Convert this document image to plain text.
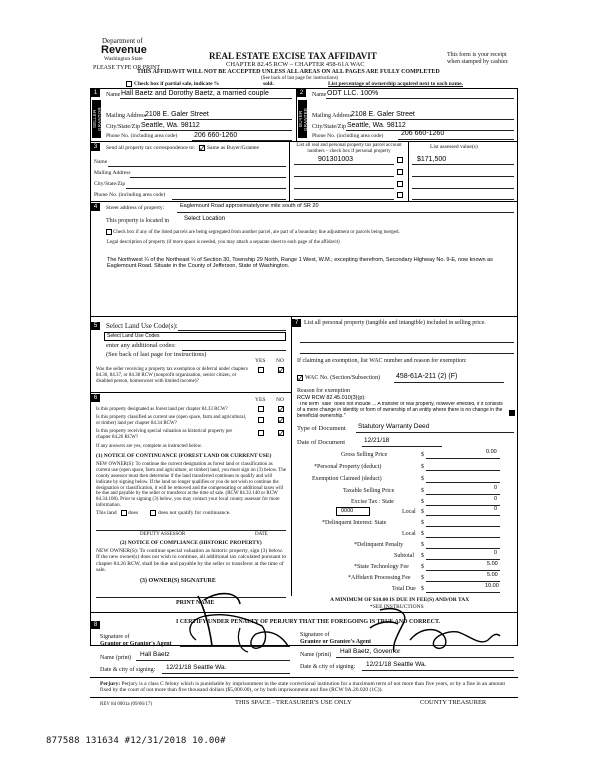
Department of
Revenue
Washington State
PLEASE TYPE OR PRINT
REAL ESTATE EXCISE TAX AFFIDAVIT
CHAPTER 82.45 RCW – CHAPTER 458-61A WAC
THIS AFFIDAVIT WILL NOT BE ACCEPTED UNLESS ALL AREAS ON ALL PAGES ARE FULLY COMPLETED
(See back of last page for instructions)
This form is your receipt
when stamped by cashier.
Check box if partial sale, indicate %	sold.	List percentage of ownership acquired next to each name.
1
SELLER GRANTOR
Name Hall Baetz and Dorothy Baetz, a married couple
Mailing Address 2108 E. Galer Street
City/State/Zip Seattle, Wa. 98112
Phone No. (including area code) 206 660-1260
2
BUYER GRANTEE
Name ODT LLC. 100%
Mailing Address 2108 E. Galer Street
City/State/Zip Seattle, Wa. 98112
Phone No. (including area code)	206 660-1260
3	Send all property tax correspondence to: ✓ Same as Buyer/Grantee
Name
Mailing Address
City/State/Zip
Phone No. (including area code)
List all real and personal property tax parcel account numbers – check box if personal property
List assessed value(s)
901301003	$171,500
4	Street address of property:	Eaglemount Road approximatelyone mile south of SR 20
This property is located in	Select Location
Check box if any of the listed parcels are being segregated from another parcel, are part of a boundary line adjustment or parcels being merged.
Legal description of property (if more space is needed, you may attach a separate sheet to each page of the affidavit)
The Northwest ¼ of the Northeast ¼ of Section 30, Township 29 North, Range 1 West, W.M.; excepting therefrom, Secondary Highway No. 9-E, now known as Eaglemount Road. Situate in the County of Jefferson, State of Washington.
5	Select Land Use Code(s):
Select Land Use Codes
enter any additional codes:
(See back of last page for instructions)
YES NO
Was the seller receiving a property tax exemption or deferral under chapters 84.36, 84.37, or 84.38 RCW (nonprofit organization, senior citizen, or disabled person, homeowner with limited income)?
✓
6	YES NO
Is this property designated as forest land per chapter 84.33 RCW?	✓
Is this property classified as current use (open space, farm and agricultural, or timber) land per chapter 84.34 RCW?	✓
Is this property receiving special valuation as historical property per chapter 84.26 RCW?	✓
If any answers are yes, complete as instructed below.
(1) NOTICE OF CONTINUANCE (FOREST LAND OR CURRENT USE)
NEW OWNER(S): To continue the current designation as forest land or classification as current use (open space, farm and agriculture, or timber) land, you must sign on (3) below. The county assessor must then determine if the land transferred continues to qualify and will indicate by signing below. If the land no longer qualifies or you do not wish to continue the designation or classification, it will be removed and the compensating or additional taxes will be due and payable by the seller or transferor at the time of sale. (RCW 84.33.140 or RCW 84.34.108). Prior to signing (3) below, you may contact your local county assessor for more information.
This land does	does not qualify for continuance.
DEPUTY ASSESSOR	DATE
(2) NOTICE OF COMPLIANCE (HISTORIC PROPERTY)
NEW OWNER(S): To continue special valuation as historic property, sign (3) below. If the new owner(s) does not wish to continue, all additional tax calculated pursuant to chapter 84.26 RCW, shall be due and payable by the seller or transferor at the time of sale.
(3) OWNER(S) SIGNATURE
PRINT NAME
7 List all personal property (tangible and intangible) included in selling price.
If claiming an exemption, list WAC number and reason for exemption:
✓ WAC No. (Section/Subsection) 458-61A-211 (2) (F)
Reason for exemption
RCW RCW 82.45.010(3)(p):
"The term "sale" does not include ... A transfer of real property, however effected, if it consists of a mere change in identity or form of ownership of an entity where there is no change in the beneficial ownership."
Type of Document Statutory Warranty Deed
Date of Document	12/21/18
Gross Selling Price	$	0.00
*Personal Property (deduct)	$
Exemption Claimed (deduct)	$
Taxable Selling Price	$	0
Excise Tax : State	$	0
0000	Local $	0
*Delinquent Interest: State	$
Local $
*Delinquent Penalty	$
Subtotal $	0
*State Technology Fee $	5.00
*Affidavit Processing Fee $	5.00
Total Due $	10.00
A MINIMUM OF $10.00 IS DUE IN FEE(S) AND/OR TAX
*SEE INSTRUCTIONS
8	I CERTIFY UNDER PENALTY OF PERJURY THAT THE FOREGOING IS TRUE AND CORRECT.
Signature of
Grantor or Grantor's Agent
Signature of
Grantee or Grantee's Agent
Name (print) Hall Baetz	Name (print) Hall Baetz, Governor
Date & city of signing: 12/21/18 Seattle Wa.	Date & city of signing: 12/21/18 Seattle Wa.
Perjury: Perjury is a class C felony which is punishable by imprisonment in the state correctional institution for a maximum term of not more than five years, or by a fine in an amount fixed by the court of not more than five thousand dollars ($5,000.00), or by both imprisonment and fine (RCW 9A.20.020 (1C)).
REV 84 0001a (09/06/17)	THIS SPACE - TREASURER'S USE ONLY	COUNTY TREASURER
877588 131634 #12/31/2018 10.00#
